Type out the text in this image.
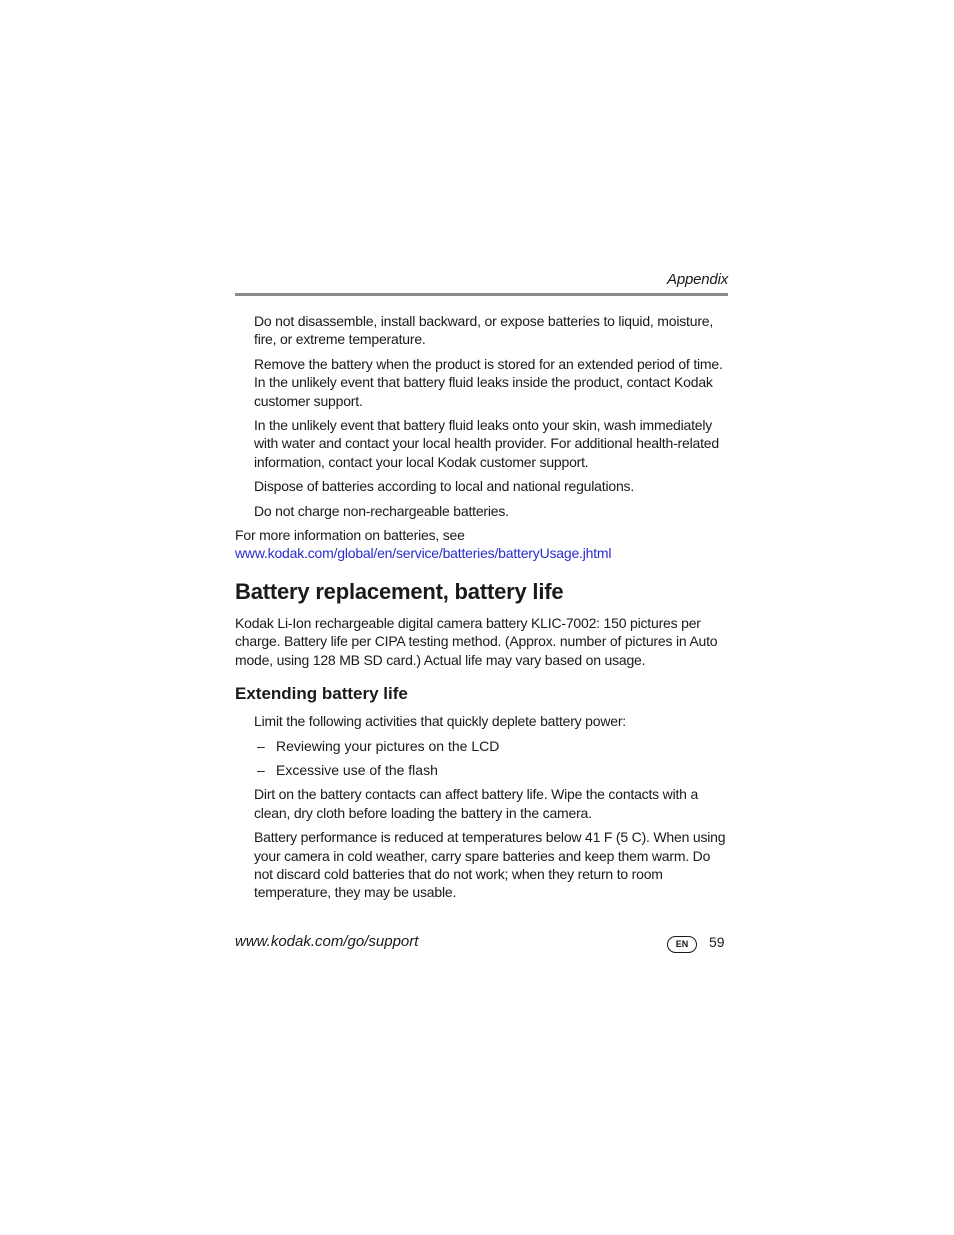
Appendix

Do not disassemble, install backward, or expose batteries to liquid, moisture, fire, or extreme temperature.

Remove the battery when the product is stored for an extended period of time. In the unlikely event that battery fluid leaks inside the product, contact Kodak customer support.

In the unlikely event that battery fluid leaks onto your skin, wash immediately with water and contact your local health provider. For additional health-related information, contact your local Kodak customer support.

Dispose of batteries according to local and national regulations.

Do not charge non-rechargeable batteries.

For more information on batteries, see

www.kodak.com/global/en/service/batteries/batteryUsage.jhtml

Battery replacement, battery life

Kodak Li-Ion rechargeable digital camera battery KLIC-7002: 150 pictures per charge. Battery life per CIPA testing method. (Approx. number of pictures in Auto mode, using 128 MB SD card.) Actual life may vary based on usage.

Extending battery life

Limit the following activities that quickly deplete battery power:

– Reviewing your pictures on the LCD
– Excessive use of the flash

Dirt on the battery contacts can affect battery life. Wipe the contacts with a clean, dry cloth before loading the battery in the camera.

Battery performance is reduced at temperatures below 41 F (5 C). When using your camera in cold weather, carry spare batteries and keep them warm. Do not discard cold batteries that do not work; when they return to room temperature, they may be usable.

www.kodak.com/go/support	EN	59
